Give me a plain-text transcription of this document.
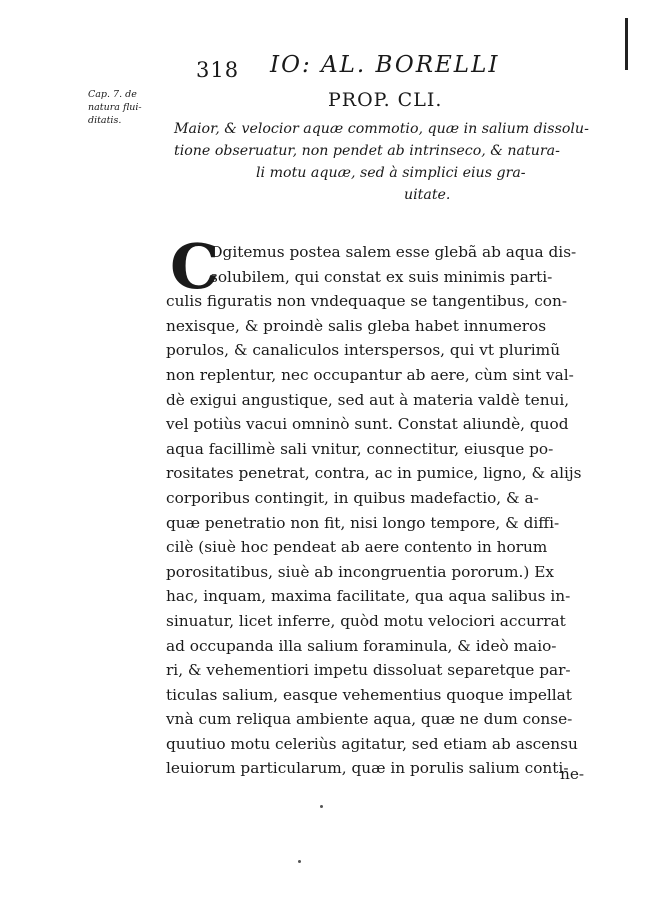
318 IO: AL. BORELLI
Cap. 7. de
natura flui-
ditatis.
PROP. CLI.
Maior, & velocior aquæ commotio, quæ in salium dissolu-
tione obseruatur, non pendet ab intrinseco, & natura-
li motu aquæ, sed à simplici eius gra-
uitate.
C
Ogitemus postea salem esse glebã ab aqua dis-
solubilem, qui constat ex suis minimis parti-
culis figuratis non vndequaque se tangentibus, con-
nexisque, & proindè salis gleba habet innumeros
porulos, & canaliculos interspersos, qui vt plurimũ
non replentur, nec occupantur ab aere, cùm sint val-
dè exigui angustique, sed aut à materia valdè tenui,
vel potiùs vacui omninò sunt. Constat aliundè, quod
aqua facillimè sali vnitur, connectitur, eiusque po-
rositates penetrat, contra, ac in pumice, ligno, & alijs
corporibus contingit, in quibus madefactio, & a-
quæ penetratio non fit, nisi longo tempore, & diffi-
cilè (siuè hoc pendeat ab aere contento in horum
porositatibus, siuè ab incongruentia pororum.) Ex
hac, inquam, maxima facilitate, qua aqua salibus in-
sinuatur, licet inferre, quòd motu velociori accurrat
ad occupanda illa salium foraminula, & ideò maio-
ri, & vehementiori impetu dissoluat separetque par-
ticulas salium, easque vehementius quoque impellat
vnà cum reliqua ambiente aqua, quæ ne dum conse-
quutiuo motu celeriùs agitatur, sed etiam ab ascensu
leuiorum particularum, quæ in porulis salium conti-
ne-
